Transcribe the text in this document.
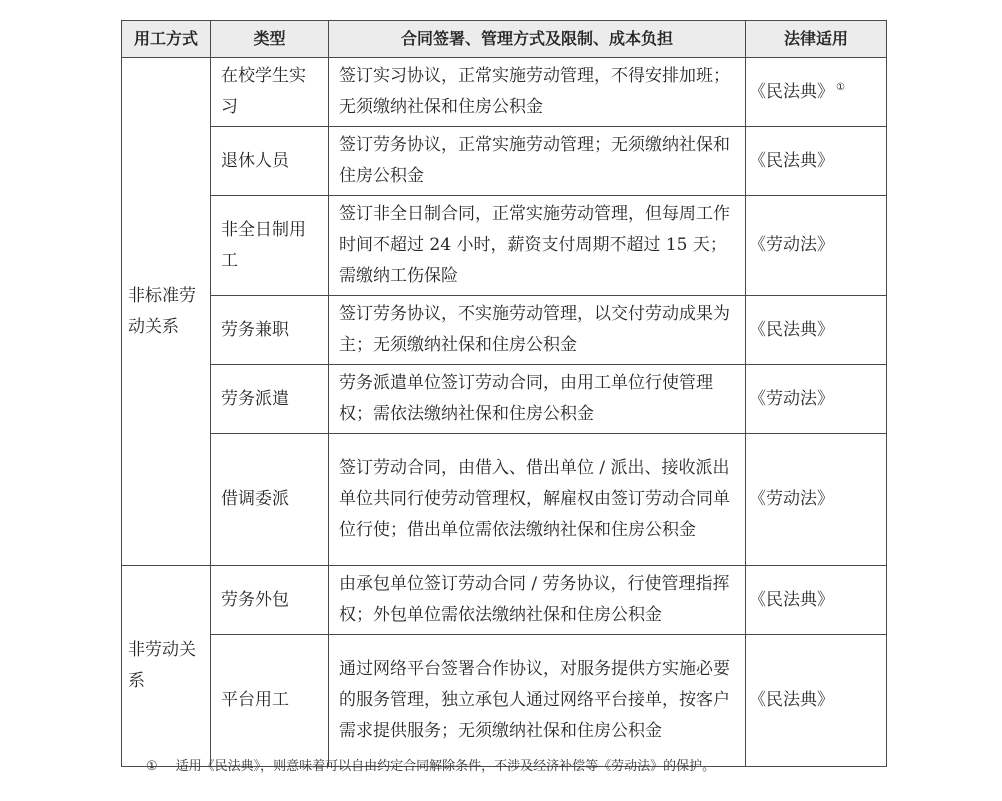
用工方式	类型	合同签署、管理方式及限制、成本负担	法律适用
非标准劳动关系	在校学生实习	签订实习协议，正常实施劳动管理，不得安排加班；无须缴纳社保和住房公积金	《民法典》 ①
	退休人员	签订劳务协议，正常实施劳动管理；无须缴纳社保和住房公积金	《民法典》
	非全日制用工	签订非全日制合同，正常实施劳动管理，但每周工作时间不超过 24 小时，薪资支付周期不超过 15 天；需缴纳工伤保险	《劳动法》
	劳务兼职	签订劳务协议，不实施劳动管理，以交付劳动成果为主；无须缴纳社保和住房公积金	《民法典》
	劳务派遣	劳务派遣单位签订劳动合同，由用工单位行使管理权；需依法缴纳社保和住房公积金	《劳动法》
	借调委派	签订劳动合同，由借入、借出单位 / 派出、接收派出单位共同行使劳动管理权，解雇权由签订劳动合同单位行使；借出单位需依法缴纳社保和住房公积金	《劳动法》
非劳动关系	劳务外包	由承包单位签订劳动合同 / 劳务协议，行使管理指挥权；外包单位需依法缴纳社保和住房公积金	《民法典》
	平台用工	通过网络平台签署合作协议，对服务提供方实施必要的服务管理，独立承包人通过网络平台接单，按客户需求提供服务；无须缴纳社保和住房公积金	《民法典》
① 适用《民法典》，则意味着可以自由约定合同解除条件，不涉及经济补偿等《劳动法》的保护。
